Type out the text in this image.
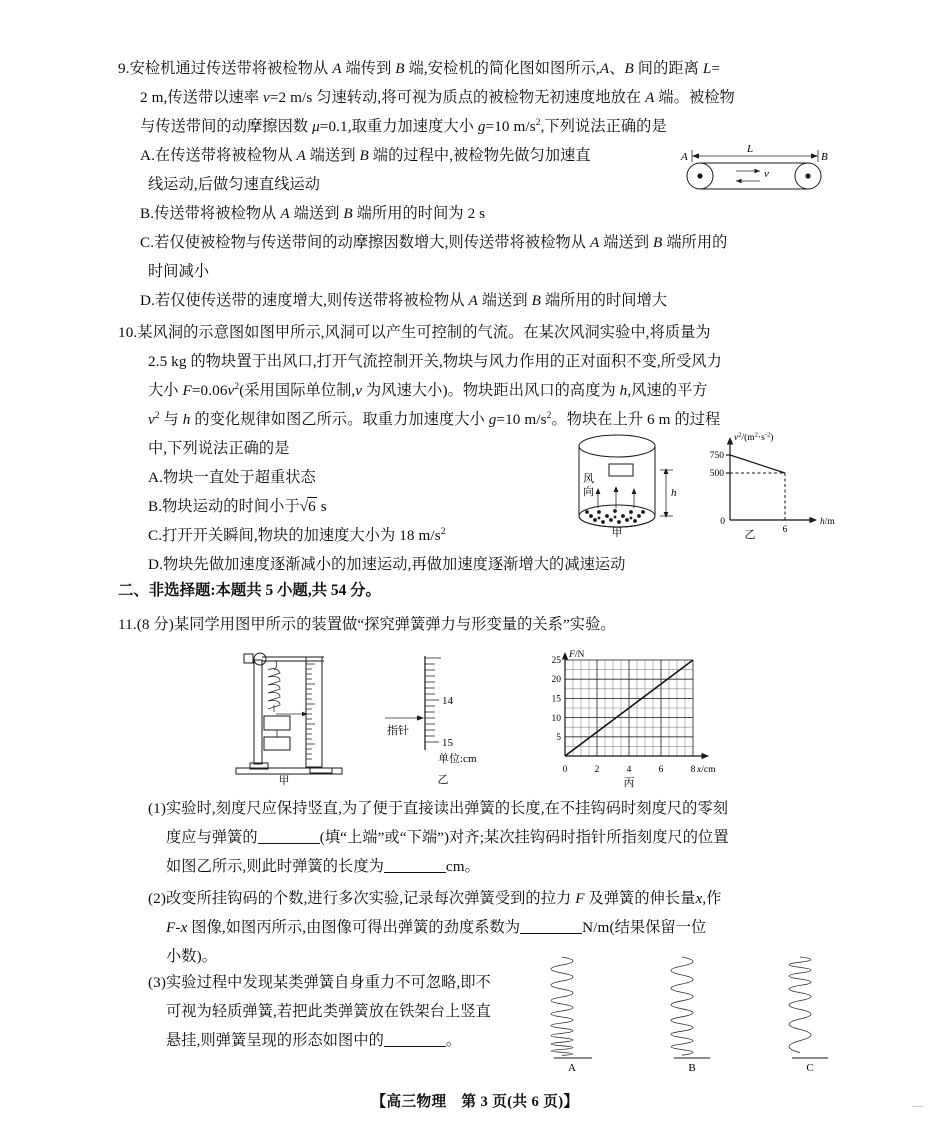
9.安检机通过传送带将被检物从 A 端传到 B 端,安检机的简化图如图所示,A、B 间的距离 L=
2 m,传送带以速率 v=2 m/s 匀速转动,将可视为质点的被检物无初速度地放在 A 端。被检物
与传送带间的动摩擦因数 μ=0.1,取重力加速度大小 g=10 $m/s^2$,下列说法正确的是
A.在传送带将被检物从 A 端送到 B 端的过程中,被检物先做匀加速直
线运动,后做匀速直线运动
B.传送带将被检物从 A 端送到 B 端所用的时间为 2 s
C.若仅使被检物与传送带间的动摩擦因数增大,则传送带将被检物从 A 端送到 B 端所用的
时间减小
D.若仅使传送带的速度增大,则传送带将被检物从 A 端送到 B 端所用的时间增大
L
A	B
v
10.某风洞的示意图如图甲所示,风洞可以产生可控制的气流。在某次风洞实验中,将质量为
2.5 kg 的物块置于出风口,打开气流控制开关,物块与风力作用的正对面积不变,所受风力
大小 $F=0.06v^2$(采用国际单位制,v 为风速大小)。物块距出风口的高度为 h,风速的平方
$v^2$ 与 h 的变化规律如图乙所示。取重力加速度大小 g=10 $m/s^2$。物块在上升 6 m 的过程
中,下列说法正确的是
A.物块一直处于超重状态
B.物块运动的时间小于√6 s
C.打开开关瞬间,物块的加速度大小为 18 $m/s^2$
D.物块先做加速度逐渐减小的加速运动,再做加速度逐渐增大的减速运动
风
向	h
甲
$v^2/(m^2\cdot s^{-2})$
h/m
750
500
0
6
乙
二、非选择题:本题共 5 小题,共 54 分。
11.(8 分)某同学用图甲所示的装置做“探究弹簧弹力与形变量的关系”实验。
甲
14
15
指针
单位:cm
乙
F/N
x/cm
25
20
15
10
5
0	2	4	6	8
丙
(1)实验时,刻度尺应保持竖直,为了便于直接读出弹簧的长度,在不挂钩码时刻度尺的零刻
度应与弹簧的	(填“上端”或“下端”)对齐;某次挂钩码时指针所指刻度尺的位置
如图乙所示,则此时弹簧的长度为	cm。
(2)改变所挂钩码的个数,进行多次实验,记录每次弹簧受到的拉力 F 及弹簧的伸长量x,作
F-x 图像,如图丙所示,由图像可得出弹簧的劲度系数为	N/m(结果保留一位
小数)。
(3)实验过程中发现某类弹簧自身重力不可忽略,即不
可视为轻质弹簧,若把此类弹簧放在铁架台上竖直
悬挂,则弹簧呈现的形态如图中的	。
A	B	C
【高三物理　第 3 页(共 6 页)】	—
